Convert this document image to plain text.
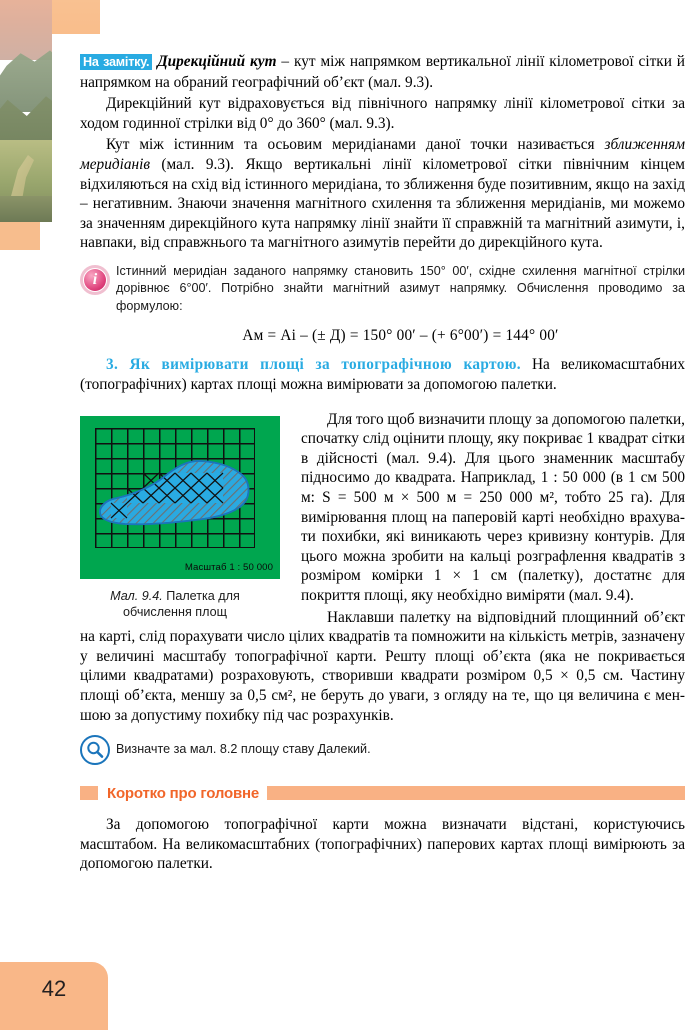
42

На замітку. Дирекційний кут – кут між напрямком вертикальної лінії кілометрової сітки й напрямком на обраний географічний об’єкт (мал. 9.3).

Дирекційний кут відраховується від північного напрямку лінії кілометрової сітки за ходом годинної стрілки від 0° до 360° (мал. 9.3).

Кут між істинним та осьовим меридіанами даної точки називається зближенням меридіанів (мал. 9.3). Якщо вертикальні лінії кілометрової сітки північним кінцем відхиляються на схід від істинного меридіана, то зближення буде позитивним, якщо на захід – негативним. Знаючи значення магнітного схилення та зближення меридіанів, ми можемо за значенням дирекційного кута напрямку лінії знайти її справжній та магнітний азимути, і, навпаки, від справжнього та магнітного азимутів перейти до дирекційного кута.

i	Істинний меридіан заданого напрямку становить 150° 00′, східне схилення магнітної стрілки дорівнює 6°00′. Потрібно знайти магнітний азимут напрямку. Обчислення проводимо за формулою:

Ам = Аi – (± Д) = 150° 00′ – (+ 6°00′) = 144° 00′

3. Як вимірювати площі за топографічною картою. На великомасштабних (топографічних) картах площі можна вимірювати за допомогою палетки.

Масштаб 1 : 50 000
Мал. 9.4. Палетка для обчислення площ

Для того щоб визначити площу за допомогою палетки, спочатку слід оцінити площу, яку покриває 1 квадрат сітки в дійсності (мал. 9.4). Для цього знаменник масштабу підносимо до квадрата. Наприклад, 1 : 50 000 (в 1 см 500 м: S = 500 м × 500 м = 250 000 м², тобто 25 га). Для вимірювання площ на паперовій карті необхідно врахувати похибки, які виникають через кривизну контурів. Для цього можна зробити на кальці розграфлення квадратів з розміром комірки 1 × 1 см (палетку), достатнє для покриття площі, яку необхідно виміряти (мал. 9.4).

Наклавши палетку на відповідний площинний об’єкт на карті, слід порахувати число цілих квадратів та помножити на кількість метрів, зазначену у величині масштабу топографічної карти. Решту площі об’єкта (яка не покривається цілими квадратами) розраховують, створивши квадрати розміром 0,5 × 0,5 см. Частину площі об’єкта, меншу за 0,5 см², не беруть до уваги, з огляду на те, що ця величина є меншою за допустиму похибку під час розрахунків.

Визначте за мал. 8.2 площу ставу Далекий.

Коротко про головне

За допомогою топографічної карти можна визначати відстані, користуючись масштабом. На великомасштабних (топографічних) паперових картах площі вимірюють за допомогою палетки.
